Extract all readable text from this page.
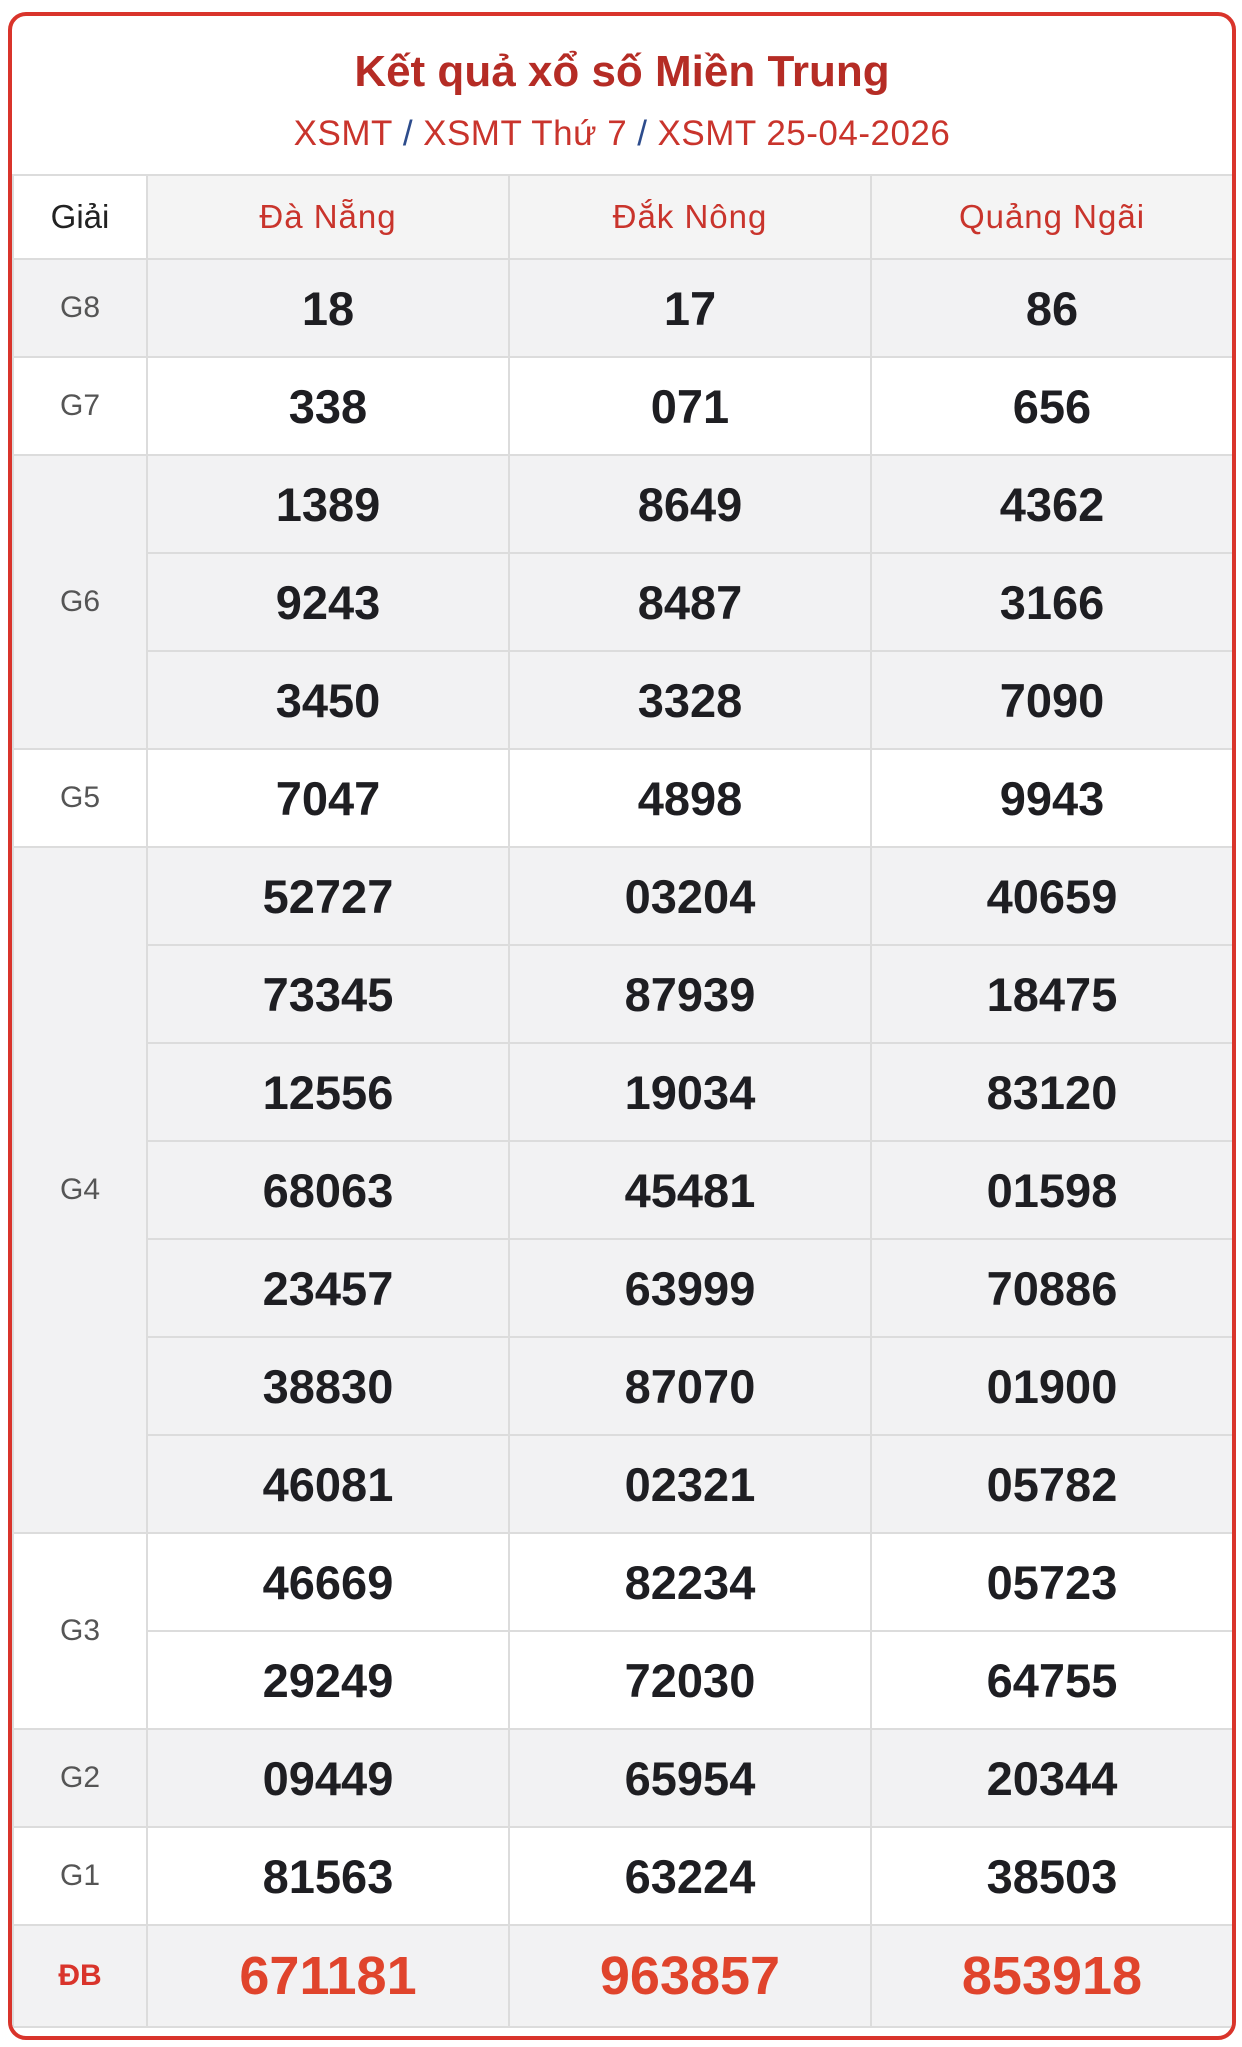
Kết quả xổ số Miền Trung
XSMT / XSMT Thứ 7 / XSMT 25-04-2026
Giải	Đà Nẵng	Đắk Nông	Quảng Ngãi
G8	18	17	86
G7	338	071	656
G6	1389	8649	4362
	9243	8487	3166
	3450	3328	7090
G5	7047	4898	9943
G4	52727	03204	40659
	73345	87939	18475
	12556	19034	83120
	68063	45481	01598
	23457	63999	70886
	38830	87070	01900
	46081	02321	05782
G3	46669	82234	05723
	29249	72030	64755
G2	09449	65954	20344
G1	81563	63224	38503
ĐB	671181	963857	853918
